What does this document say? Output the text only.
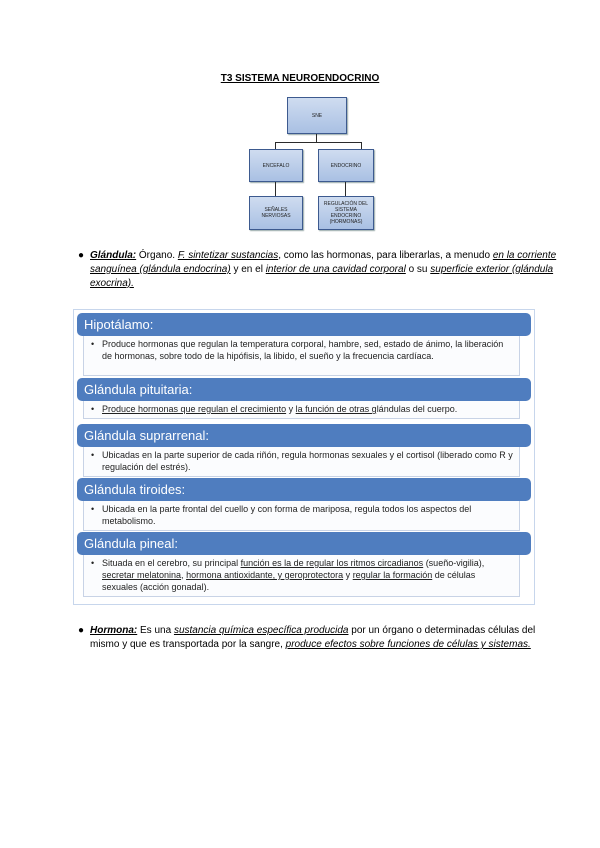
T3 SISTEMA NEUROENDOCRINO
SNE
ENCEFALO	ENDOCRINO
SEÑALES NERVIOSAS
REGULACIÓN DEL SISTEMA ENDOCRINO (HORMONAS)
● Glándula: Órgano. F. sintetizar sustancias, como las hormonas, para liberarlas, a menudo en la corriente sanguínea (glándula endocrina) y en el interior de una cavidad corporal o su superficie exterior (glándula exocrina).
Hipotálamo:
• Produce hormonas que regulan la temperatura corporal, hambre, sed, estado de ánimo, la liberación de hormonas, sobre todo de la hipófisis, la libido, el sueño y la frecuencia cardíaca.
Glándula pituitaria:
• Produce hormonas que regulan el crecimiento y la función de otras glándulas del cuerpo.
Glándula suprarrenal:
• Ubicadas en la parte superior de cada riñón, regula hormonas sexuales y el cortisol (liberado como R y regulación del estrés).
Glándula tiroides:
• Ubicada en la parte frontal del cuello y con forma de mariposa, regula todos los aspectos del metabolismo.
Glándula pineal:
• Situada en el cerebro, su principal función es la de regular los ritmos circadianos (sueño-vigilia), secretar melatonina, hormona antioxidante, y geroprotectora y regular la formación de células sexuales (acción gonadal).
● Hormona: Es una sustancia química específica producida por un órgano o determinadas células del mismo y que es transportada por la sangre, produce efectos sobre funciones de células y sistemas.
